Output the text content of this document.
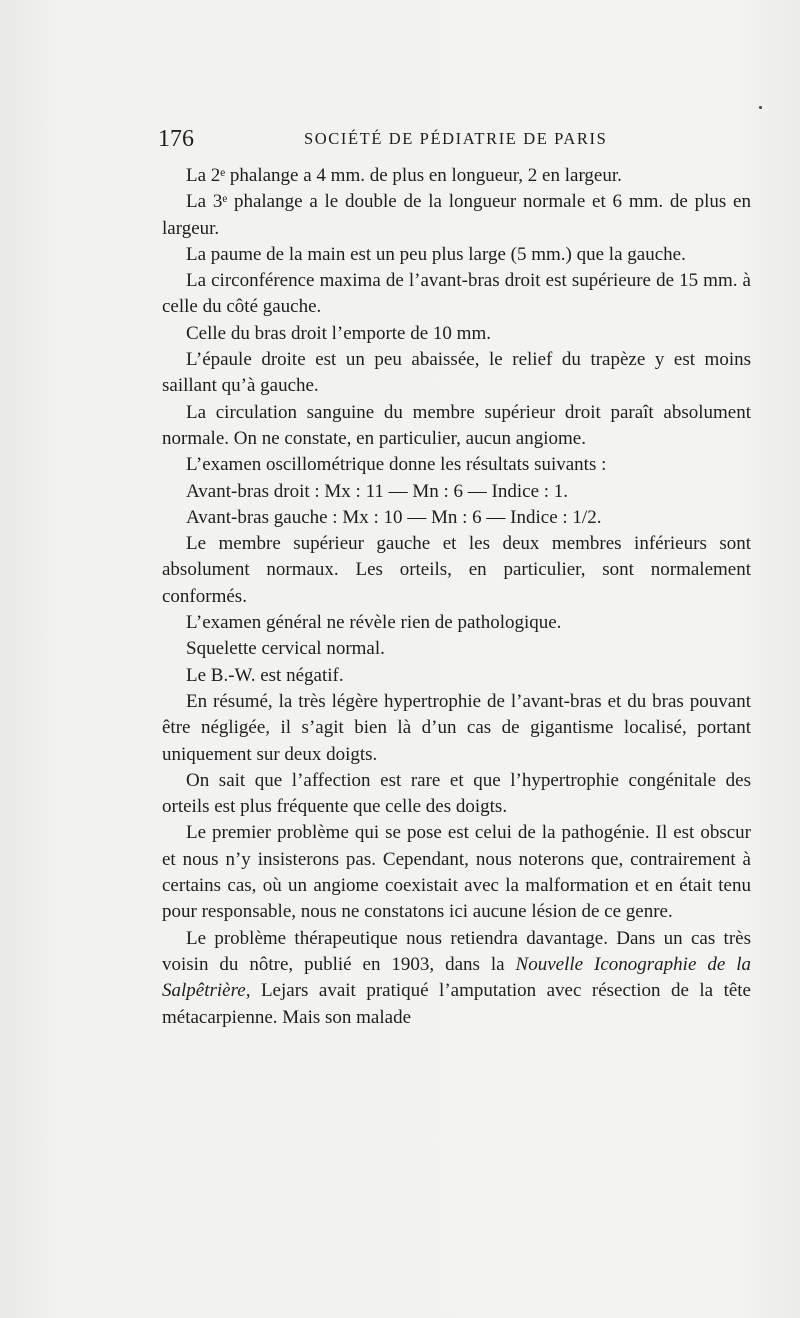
176	SOCIÉTÉ DE PÉDIATRIE DE PARIS

La 2ᵉ phalange a 4 mm. de plus en longueur, 2 en largeur.

La 3ᵉ phalange a le double de la longueur normale et 6 mm. de plus en largeur.

La paume de la main est un peu plus large (5 mm.) que la gauche.

La circonférence maxima de l’avant-bras droit est supérieure de 15 mm. à celle du côté gauche.

Celle du bras droit l’emporte de 10 mm.

L’épaule droite est un peu abaissée, le relief du trapèze y est moins saillant qu’à gauche.

La circulation sanguine du membre supérieur droit paraît absolument normale. On ne constate, en particulier, aucun angiome.

L’examen oscillométrique donne les résultats suivants :

Avant-bras droit : Mx : 11 — Mn : 6 — Indice : 1.

Avant-bras gauche : Mx : 10 — Mn : 6 — Indice : 1/2.

Le membre supérieur gauche et les deux membres inférieurs sont absolument normaux. Les orteils, en particulier, sont normalement conformés.

L’examen général ne révèle rien de pathologique.

Squelette cervical normal.

Le B.-W. est négatif.

En résumé, la très légère hypertrophie de l’avant-bras et du bras pouvant être négligée, il s’agit bien là d’un cas de gigantisme localisé, portant uniquement sur deux doigts.

On sait que l’affection est rare et que l’hypertrophie congénitale des orteils est plus fréquente que celle des doigts.

Le premier problème qui se pose est celui de la pathogénie. Il est obscur et nous n’y insisterons pas. Cependant, nous noterons que, contrairement à certains cas, où un angiome coexistait avec la malformation et en était tenu pour responsable, nous ne constatons ici aucune lésion de ce genre.

Le problème thérapeutique nous retiendra davantage. Dans un cas très voisin du nôtre, publié en 1903, dans la Nouvelle Iconographie de la Salpêtrière, Lejars avait pratiqué l’amputation avec résection de la tête métacarpienne. Mais son malade
